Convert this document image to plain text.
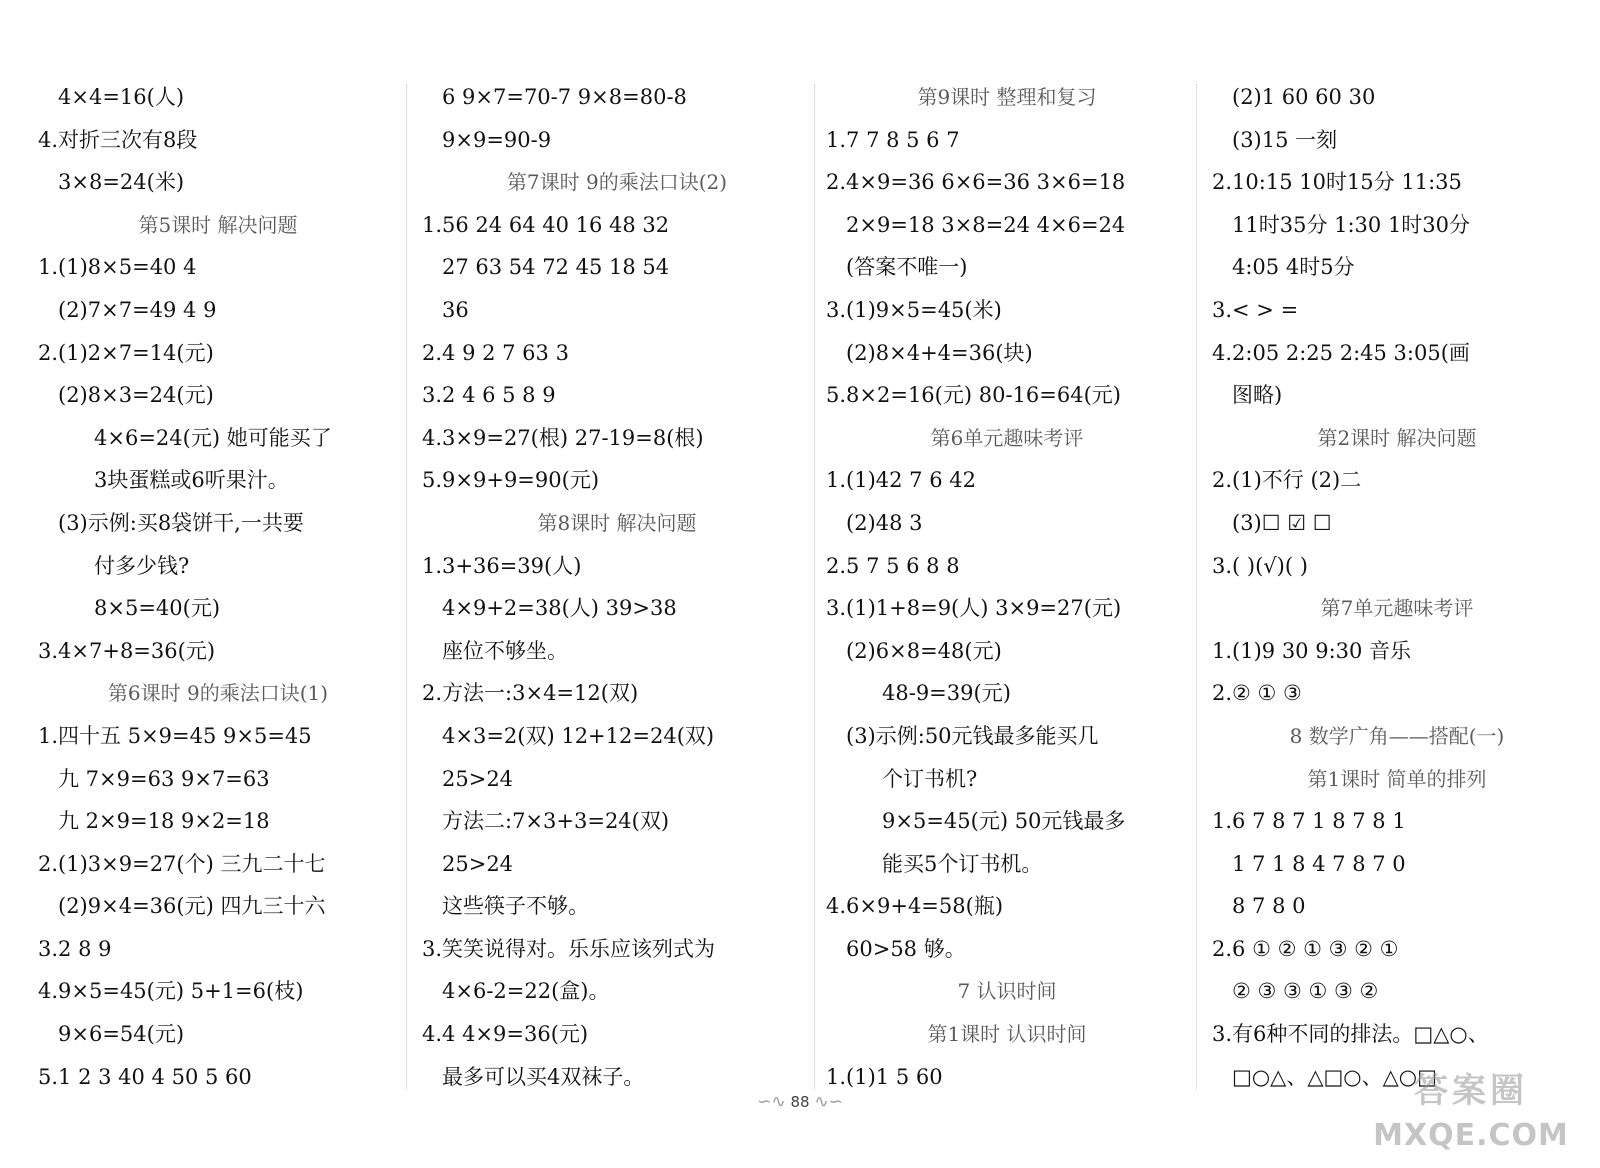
4×4=16(人)
4.对折三次有8段
3×8=24(米)
第5课时 解决问题
1.(1)8×5=40 4
(2)7×7=49 4 9
2.(1)2×7=14(元)
(2)8×3=24(元)
4×6=24(元) 她可能买了
3块蛋糕或6听果汁。
(3)示例:买8袋饼干,一共要
付多少钱?
8×5=40(元)
3.4×7+8=36(元)
第6课时 9的乘法口诀(1)
1.四十五 5×9=45 9×5=45
九 7×9=63 9×7=63
九 2×9=18 9×2=18
2.(1)3×9=27(个) 三九二十七
(2)9×4=36(元) 四九三十六
3.2 8 9
4.9×5=45(元) 5+1=6(枝)
9×6=54(元)
5.1 2 3 40 4 50 5 60
6 9×7=70-7 9×8=80-8
9×9=90-9
第7课时 9的乘法口诀(2)
1.56 24 64 40 16 48 32
27 63 54 72 45 18 54
36
2.4 9 2 7 63 3
3.2 4 6 5 8 9
4.3×9=27(根) 27-19=8(根)
5.9×9+9=90(元)
第8课时 解决问题
1.3+36=39(人)
4×9+2=38(人) 39>38
座位不够坐。
2.方法一:3×4=12(双)
4×3=2(双) 12+12=24(双)
25>24
方法二:7×3+3=24(双)
25>24
这些筷子不够。
3.笑笑说得对。乐乐应该列式为
4×6-2=22(盒)。
4.4 4×9=36(元)
最多可以买4双袜子。
第9课时 整理和复习
1.7 7 8 5 6 7
2.4×9=36 6×6=36 3×6=18
2×9=18 3×8=24 4×6=24
(答案不唯一)
3.(1)9×5=45(米)
(2)8×4+4=36(块)
5.8×2=16(元) 80-16=64(元)
第6单元趣味考评
1.(1)42 7 6 42
(2)48 3
2.5 7 5 6 8 8
3.(1)1+8=9(人) 3×9=27(元)
(2)6×8=48(元)
48-9=39(元)
(3)示例:50元钱最多能买几
个订书机?
9×5=45(元) 50元钱最多
能买5个订书机。
4.6×9+4=58(瓶)
60>58 够。
7 认识时间
第1课时 认识时间
1.(1)1 5 60
(2)1 60 60 30
(3)15 一刻
2.10:15 10时15分 11:35
11时35分 1:30 1时30分
4:05 4时5分
3.< > =
4.2:05 2:25 2:45 3:05(画
图略)
第2课时 解决问题
2.(1)不行 (2)二
(3)☐ ☑ ☐
3.( )(√)( )
第7单元趣味考评
1.(1)9 30 9:30 音乐
2.② ① ③
8 数学广角——搭配(一)
第1课时 简单的排列
1.6 7 8 7 1 8 7 8 1
1 7 1 8 4 7 8 7 0
8 7 8 0
2.6 ① ② ① ③ ② ①
② ③ ③ ① ③ ②
3.有6种不同的排法。□△○、
□○△、△□○、△○□
∽∿ 88 ∿∽	答案圈
MXQE.COM
